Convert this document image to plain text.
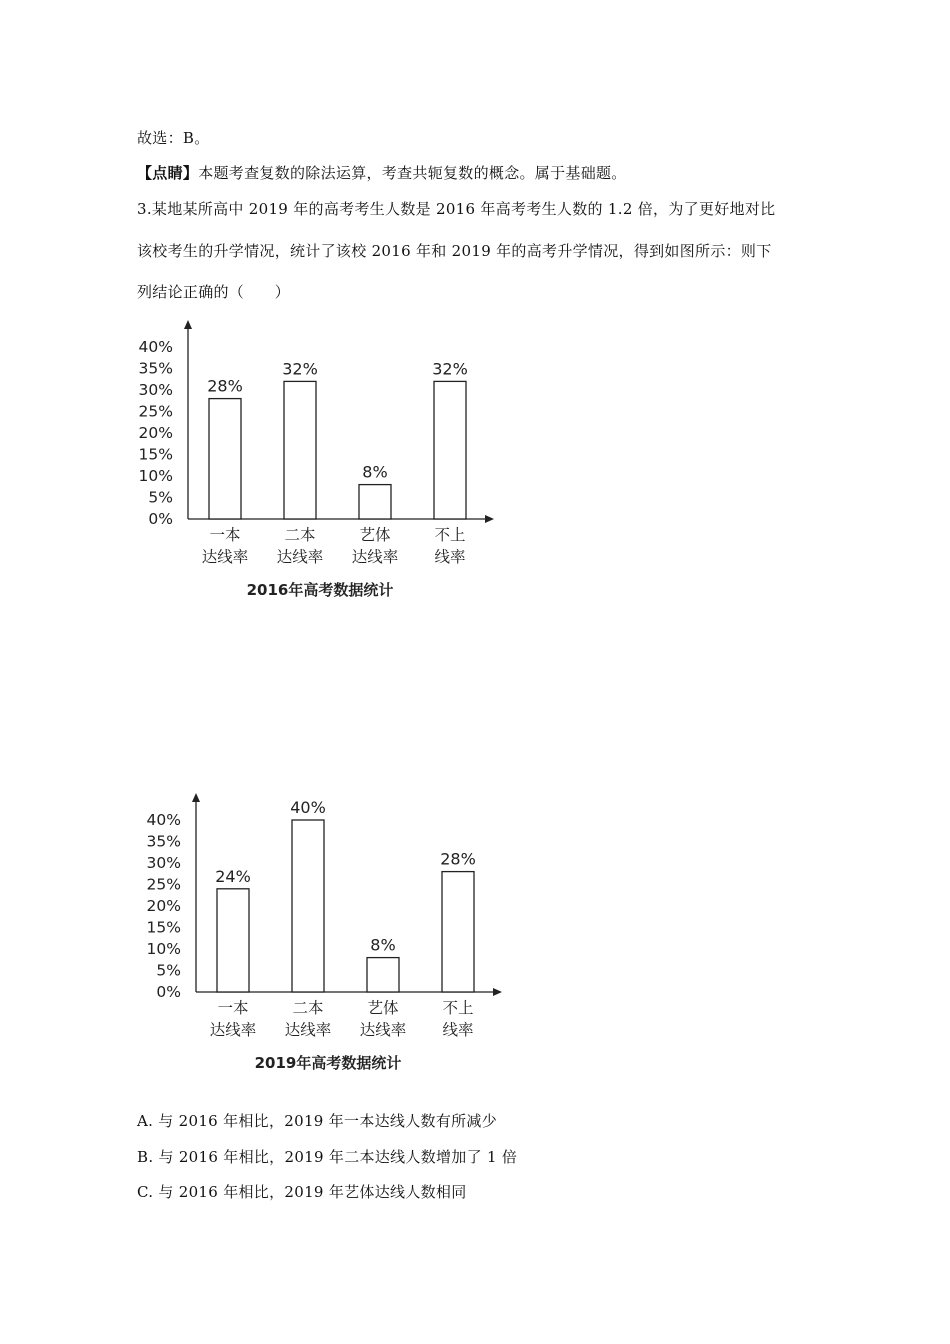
故选：B。
【点睛】本题考查复数的除法运算，考查共轭复数的概念。属于基础题。
3.某地某所高中 2019 年的高考考生人数是 2016 年高考考生人数的 1.2 倍，为了更好地对比
该校考生的升学情况，统计了该校 2016 年和 2019 年的高考升学情况，得到如图所示：则下
列结论正确的（　　）
0%
5%
10%
15%
20%
25%
30%
35%
40%
28%
一本
达线率
32%
二本
达线率
8%
艺体
达线率
32%
不上
线率
2016年高考数据统计
0%
5%
10%
15%
20%
25%
30%
35%
40%
24%
一本
达线率
40%
二本
达线率
8%
艺体
达线率
28%
不上
线率
2019年高考数据统计
A. 与 2016 年相比，2019 年一本达线人数有所减少
B. 与 2016 年相比，2019 年二本达线人数增加了 1 倍
C. 与 2016 年相比，2019 年艺体达线人数相同
